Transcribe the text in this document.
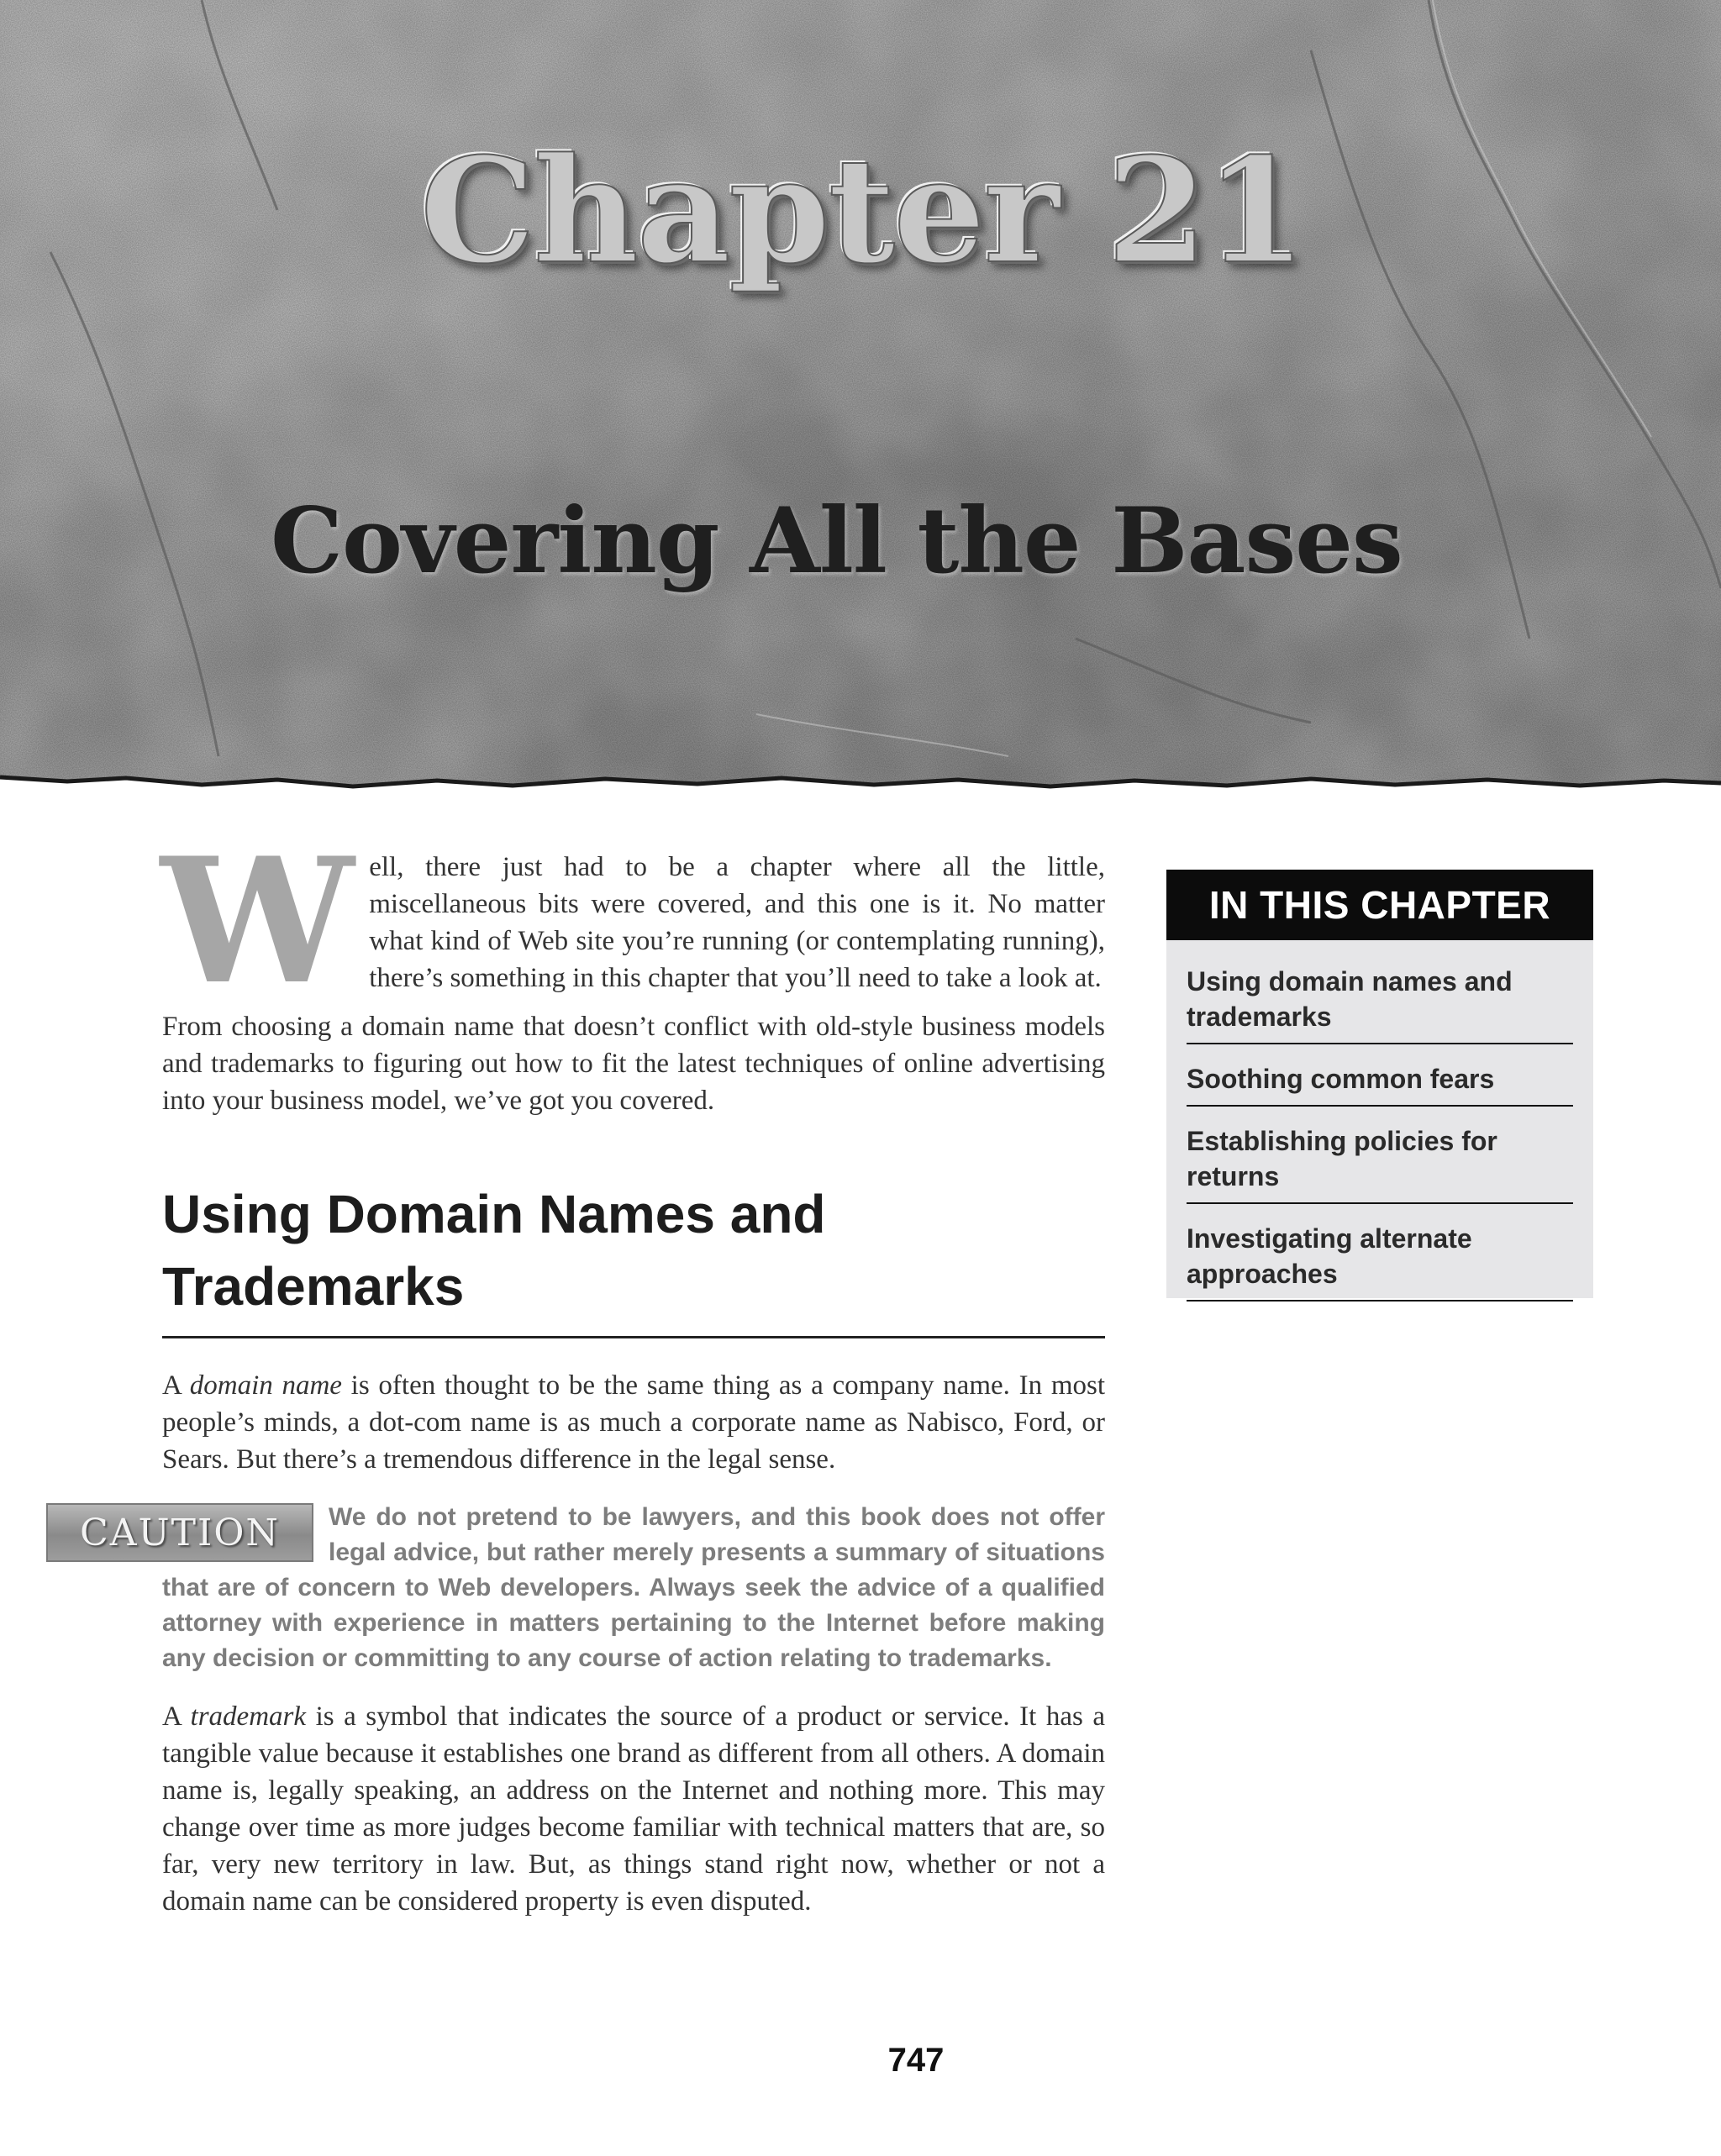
Chapter 21
Covering All the Bases

Well, there just had to be a chapter where all the little, miscellaneous bits were covered, and this one is it. No matter what kind of Web site you’re running (or contemplating running), there’s something in this chapter that you’ll need to take a look at.

From choosing a domain name that doesn’t conflict with old-style business models and trademarks to figuring out how to fit the latest techniques of online advertising into your business model, we’ve got you covered.

Using Domain Names and Trademarks

A domain name is often thought to be the same thing as a company name. In most people’s minds, a dot-com name is as much a corporate name as Nabisco, Ford, or Sears. But there’s a tremendous difference in the legal sense.

CAUTION	We do not pretend to be lawyers, and this book does not offer legal advice, but rather merely presents a summary of situations that are of concern to Web developers. Always seek the advice of a qualified attorney with experience in matters pertaining to the Internet before making any decision or committing to any course of action relating to trademarks.

A trademark is a symbol that indicates the source of a product or service. It has a tangible value because it establishes one brand as different from all others. A domain name is, legally speaking, an address on the Internet and nothing more. This may change over time as more judges become familiar with technical matters that are, so far, very new territory in law. But, as things stand right now, whether or not a domain name can be considered property is even disputed.

IN THIS CHAPTER
Using domain names and trademarks
Soothing common fears
Establishing policies for returns
Investigating alternate approaches
747
